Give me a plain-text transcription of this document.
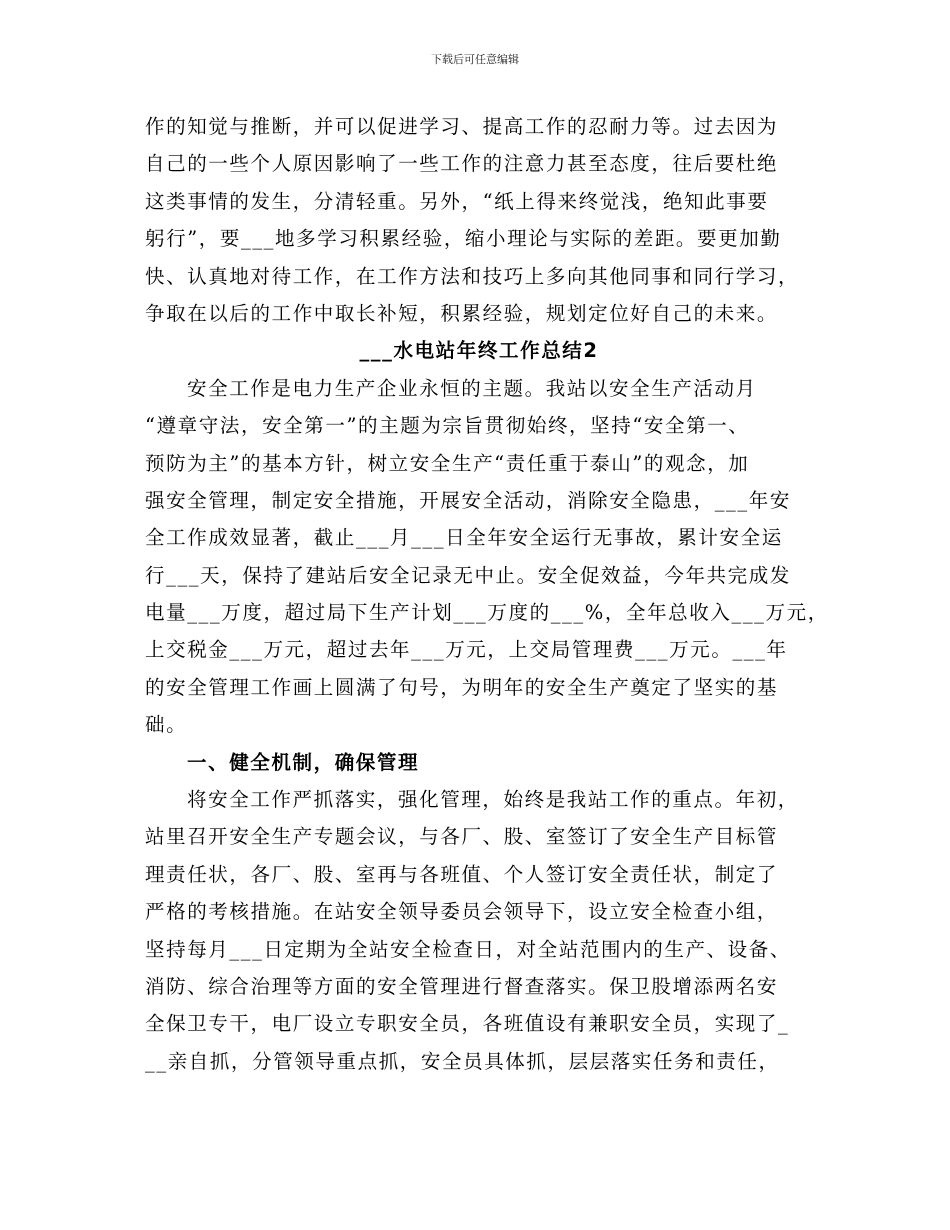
下载后可任意编辑
作的知觉与推断，并可以促进学习、提高工作的忍耐力等。过去因为
自己的一些个人原因影响了一些工作的注意力甚至态度，往后要杜绝
这类事情的发生，分清轻重。另外，“纸上得来终觉浅，绝知此事要
躬行”，要___地多学习积累经验，缩小理论与实际的差距。要更加勤
快、认真地对待工作，在工作方法和技巧上多向其他同事和同行学习，
争取在以后的工作中取长补短，积累经验，规划定位好自己的未来。
___水电站年终工作总结2
安全工作是电力生产企业永恒的主题。我站以安全生产活动月
“遵章守法，安全第一”的主题为宗旨贯彻始终，坚持“安全第一、
预防为主”的基本方针，树立安全生产“责任重于泰山”的观念，加
强安全管理，制定安全措施，开展安全活动，消除安全隐患，___年安
全工作成效显著，截止___月___日全年安全运行无事故，累计安全运
行___天，保持了建站后安全记录无中止。安全促效益，今年共完成发
电量___万度，超过局下生产计划___万度的___%，全年总收入___万元，
上交税金___万元，超过去年___万元，上交局管理费___万元。___年
的安全管理工作画上圆满了句号，为明年的安全生产奠定了坚实的基
础。
一、健全机制，确保管理
将安全工作严抓落实，强化管理，始终是我站工作的重点。年初，
站里召开安全生产专题会议，与各厂、股、室签订了安全生产目标管
理责任状，各厂、股、室再与各班值、个人签订安全责任状，制定了
严格的考核措施。在站安全领导委员会领导下，设立安全检查小组，
坚持每月___日定期为全站安全检查日，对全站范围内的生产、设备、
消防、综合治理等方面的安全管理进行督查落实。保卫股增添两名安
全保卫专干，电厂设立专职安全员，各班值设有兼职安全员，实现了_
__亲自抓，分管领导重点抓，安全员具体抓，层层落实任务和责任，
